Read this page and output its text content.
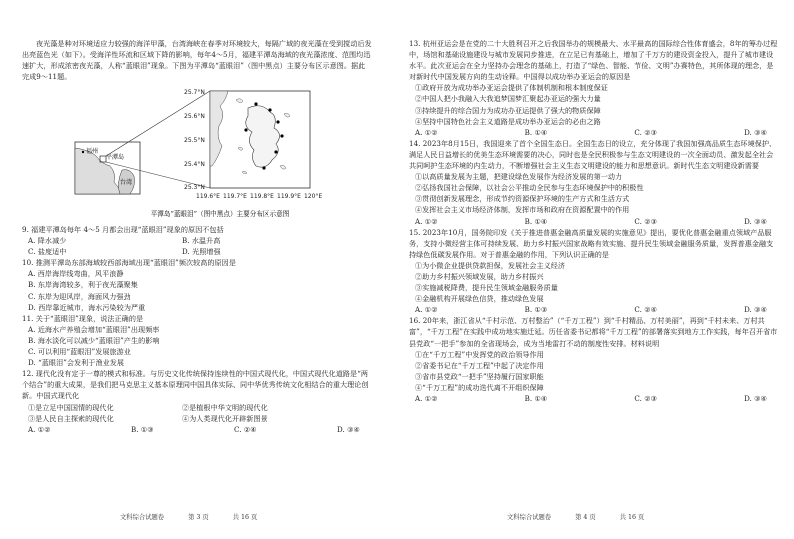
夜光藻是种对环境适应力较强的海洋甲藻，台湾海峡在春季对环境较大，每隔广域的夜光藻在受到搅动后发出亮蓝色光（如下）。受海洋性环流和区域下降的影响，每年4～5月，福建平潭岛海域的夜光藻浓度、范围均迅速扩大，形成浓密夜光藻，人称“蓝眼泪”现象。下图为平潭岛“蓝眼泪”（图中黑点）主要分布区示意图。据此完成9～11题。

福州
平潭岛
台湾
25.7°N
25.6°N
25.5°N
25.4°N
25.3°N
119.6°E 119.7°E 119.8°E 119.9°E 120°E
平潭岛“蓝眼泪”（图中黑点）主要分布区示意图

9. 福建平潭岛每年 4～5 月都会出现“蓝眼泪”现象的原因不包括

A. 降水减少	B. 水温升高
C. 盐度适中	D. 光照增强

10. 推测平潭岛东部海域较西部海域出现“蓝眼泪”频次较高的原因是

A. 西岸海岸线弯曲，风平浪静

B. 东岸海湾较多，利于夜光藻聚集

C. 东岸为迎风岸，海面风力强劲

D. 西岸靠近城市，海水污染较为严重

11. 关于“蓝眼泪”现象，说法正确的是

A. 近海水产养殖会增加“蓝眼泪”出现频率

B. 海水淡化可以减少“蓝眼泪”产生的影响

C. 可以利用“蓝眼泪”发展旅游业

D. “蓝眼泪”会发利于渔业发展

12. 现代化没有定于一尊的模式和标准。与历史文化传统保持连续性的中国式现代化，中国式现代化道路是“两个结合”的重大成果，是我们把马克思主义基本原理同中国具体实际、同中华优秀传统文化相结合的重大理论创新。中国式现代化

①是立足中国国情的现代化	②是植根中华文明的现代化
③是人民自主探索的现代化	④为人类现代化开辟新图景
A. ①②	B. ①③	C. ②④	D. ③④
文科综合试题卷	第 3 页	共 16 页

13. 杭州亚运会是在党的二十大胜利召开之后我国举办的规模最大、水平最高的国际综合性体育盛会，8年的筹办过程中，场馆和基础设施建设与城市发展同步推进，在立足已有基础上，增加了千万方的建设资金投入，提升了城市建设水平。此次亚运会在全力坚持办会理念的基础上，打造了“绿色、智能、节俭、文明”办赛特色，其所体现的理念，是对新时代中国发展方向的生动诠释。中国得以成功举办亚运会的原因是

①政府开放为成功举办亚运会提供了体制机制和根本制度保证

②中国人把小我融入大我追梦国梦汇聚起办亚运的强大力量

③持续提升的综合国力为成功办亚运提供了强大的物质保障

④坚持中国特色社会主义道路是成功举办亚运会的必由之路

A. ①②	B. ①④	C. ②③	D. ③④

14. 2023年8月15日，我国迎来了首个全国生态日。全国生态日的设立，充分体现了我国加强高品质生态环境保护、满足人民日益增长的优美生态环境需要的决心，同时也是全民积极参与生态文明建设的一次全面动员、激发起全社会共同呵护生态环境的内生动力，不断增强社会主义生态文明建设的能力和思想意识。新时代生态文明建设新需要

①以高质量发展为主题，把建设绿色发展作为经济发展的第一动力

②弘扬我国社会保障，以社会公平推动全民参与生态环境保护中的积极性

③贯彻创新发展理念，形成节约资源保护环境的生产方式和生活方式

④发挥社会主义市场经济体制，发挥市场和政府在资源配置中的作用

A. ①②	B. ①④	C. ②③	D. ③④

15. 2023年10月，国务院印发《关于推进普惠金融高质量发展的实施意见》提出，要优化普惠金融重点领域产品服务，支持小微经营主体可持续发展、助力乡村振兴国家战略有效实施、提升民生领域金融服务质量，发挥普惠金融支持绿色低碳发展作用。对于普惠金融的作用，下列认识正确的是

①为小微企业提供贷款担保，发展社会主义经济

②助力乡村振兴领域发展，助力乡村振兴

③实施减税降费，提升民生领域金融服务质量

④金融机构开展绿色信贷，推动绿色发展

A. ①②	B. ①③	C. ②④	D. ③④

16. 20年来，浙江省从“千村示范、万村整治”（“千万工程”）到“千村精品、万村美丽”，再到“千村未来、万村共富”，“千万工程”在实践中成功地实施迁延。历任省委书记都将“千万工程”的部署落实到地方工作实践，每年召开省市县党政“一把手”参加的全省现场会，成为当地雷打不动的制度性安排。材料说明

①在“千万工程”中发挥党的政治领导作用

②省委书记在“千万工程”中起了决定作用

③省市县党政“一把手”坚持履行国家职能

④“千万工程”的成功迭代离不开组织保障

A. ①②	B. ①④	C. ②③	D. ③④
文科综合试题卷	第 4 页	共 16 页
